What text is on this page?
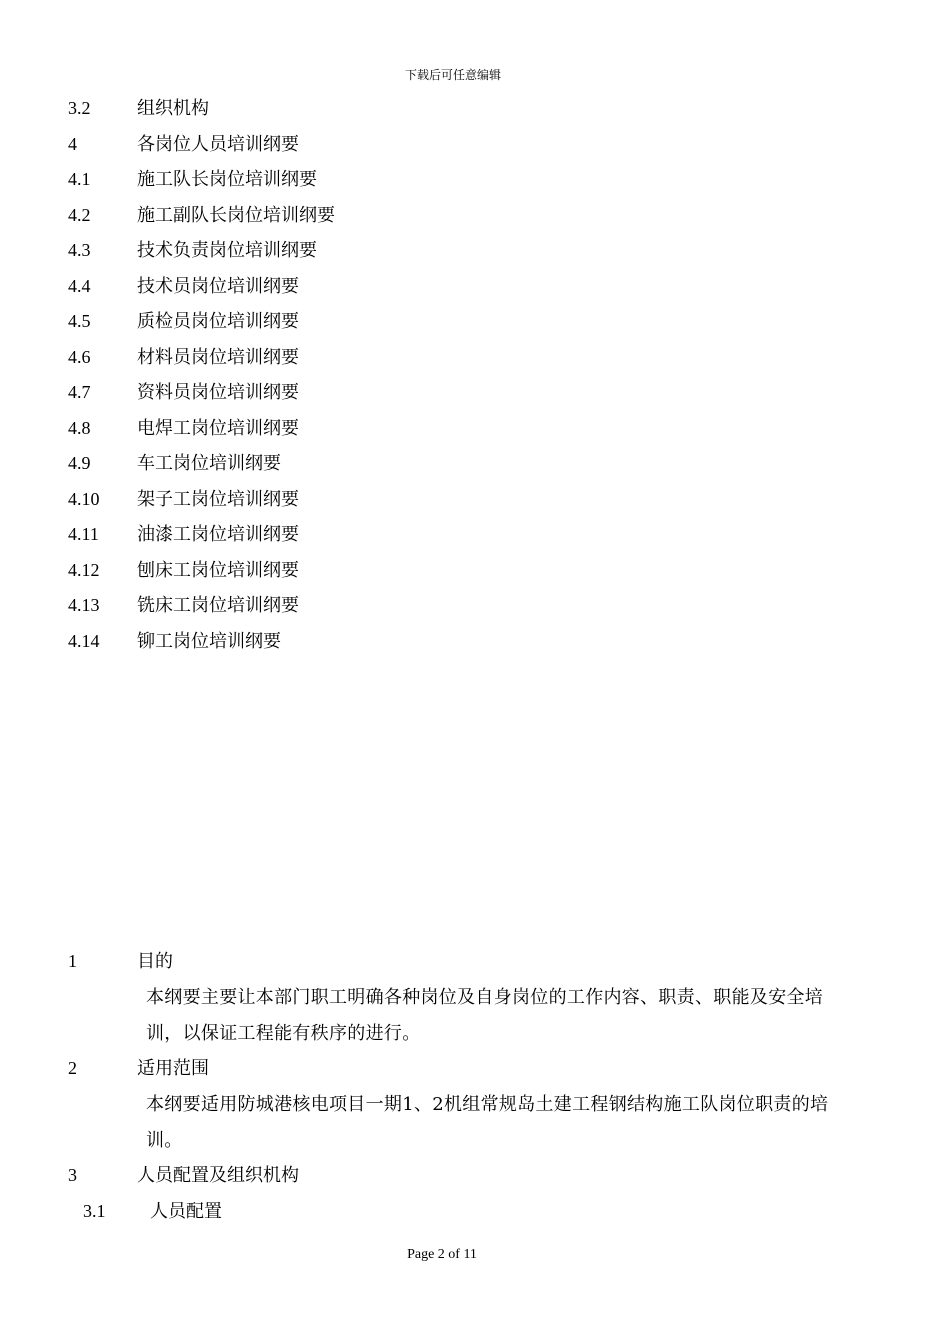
下载后可任意编辑
3.2	组织机构
4	各岗位人员培训纲要
4.1	施工队长岗位培训纲要
4.2	施工副队长岗位培训纲要
4.3	技术负责岗位培训纲要
4.4	技术员岗位培训纲要
4.5	质检员岗位培训纲要
4.6	材料员岗位培训纲要
4.7	资料员岗位培训纲要
4.8	电焊工岗位培训纲要
4.9	车工岗位培训纲要
4.10 架子工岗位培训纲要
4.11 油漆工岗位培训纲要
4.12 刨床工岗位培训纲要
4.13 铣床工岗位培训纲要
4.14 铆工岗位培训纲要
1	目的
本纲要主要让本部门职工明确各种岗位及自身岗位的工作内容、职责、职能及安全培训，以保证工程能有秩序的进行。
2	适用范围
本纲要适用防城港核电项目一期1、2机组常规岛土建工程钢结构施工队岗位职责的培训。
3	人员配置及组织机构
3.1 人员配置
Page 2 of 11
